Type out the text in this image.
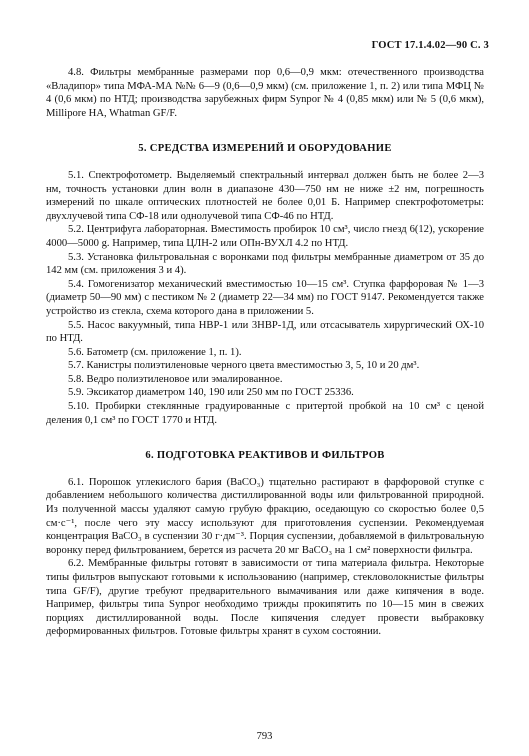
ГОСТ 17.1.4.02—90 С. 3

4.8. Фильтры мембранные размерами пор 0,6—0,9 мкм: отечественного производства «Владипор» типа МФА-МА №№ 6—9 (0,6—0,9 мкм) (см. приложение 1, п. 2) или типа МФЦ № 4 (0,6 мкм) по НТД; производства зарубежных фирм Synpor № 4 (0,85 мкм) или № 5 (0,6 мкм), Millipore HA, Whatman GF/F.

5. СРЕДСТВА ИЗМЕРЕНИЙ И ОБОРУДОВАНИЕ

5.1. Спектрофотометр. Выделяемый спектральный интервал должен быть не более 2—3 нм, точность установки длин волн в диапазоне 430—750 нм не ниже ±2 нм, погрешность измерений по шкале оптических плотностей не более 0,01 Б. Например спектрофотометры: двухлучевой типа СФ-18 или однолучевой типа СФ-46 по НТД.

5.2. Центрифуга лабораторная. Вместимость пробирок 10 см³, число гнезд 6(12), ускорение 4000—5000 g. Например, типа ЦЛН-2 или ОПн-ВУХЛ 4.2 по НТД.

5.3. Установка фильтровальная с воронками под фильтры мембранные диаметром от 35 до 142 мм (см. приложения 3 и 4).

5.4. Гомогенизатор механический вместимостью 10—15 см³. Ступка фарфоровая № 1—3 (диаметр 50—90 мм) с пестиком № 2 (диаметр 22—34 мм) по ГОСТ 9147. Рекомендуется также устройство из стекла, схема которого дана в приложении 5.

5.5. Насос вакуумный, типа НВР-1 или 3НВР-1Д, или отсасыватель хирургический ОХ-10 по НТД.

5.6. Батометр (см. приложение 1, п. 1).

5.7. Канистры полиэтиленовые черного цвета вместимостью 3, 5, 10 и 20 дм³.

5.8. Ведро полиэтиленовое или эмалированное.

5.9. Эксикатор диаметром 140, 190 или 250 мм по ГОСТ 25336.

5.10. Пробирки стеклянные градуированные с притертой пробкой на 10 см³ с ценой деления 0,1 см³ по ГОСТ 1770 и НТД.

6. ПОДГОТОВКА РЕАКТИВОВ И ФИЛЬТРОВ

6.1. Порошок углекислого бария (BaCO₃) тщательно растирают в фарфоровой ступке с добавлением небольшого количества дистиллированной воды или фильтрованной природной. Из полученной массы удаляют самую грубую фракцию, оседающую со скоростью более 0,5 см·с⁻¹, после чего эту массу используют для приготовления суспензии. Рекомендуемая концентрация BaCO₃ в суспензии 30 г·дм⁻³. Порция суспензии, добавляемой в фильтровальную воронку перед фильтрованием, берется из расчета 20 мг BaCO₃ на 1 см² поверхности фильтра.

6.2. Мембранные фильтры готовят в зависимости от типа материала фильтра. Некоторые типы фильтров выпускают готовыми к использованию (например, стекловолокнистые фильтры типа GF/F), другие требуют предварительного вымачивания или даже кипячения в воде. Например, фильтры типа Synpor необходимо трижды прокипятить по 10—15 мин в свежих порциях дистиллированной воды. После кипячения следует провести выбраковку деформированных фильтров. Готовые фильтры хранят в сухом состоянии.

793
